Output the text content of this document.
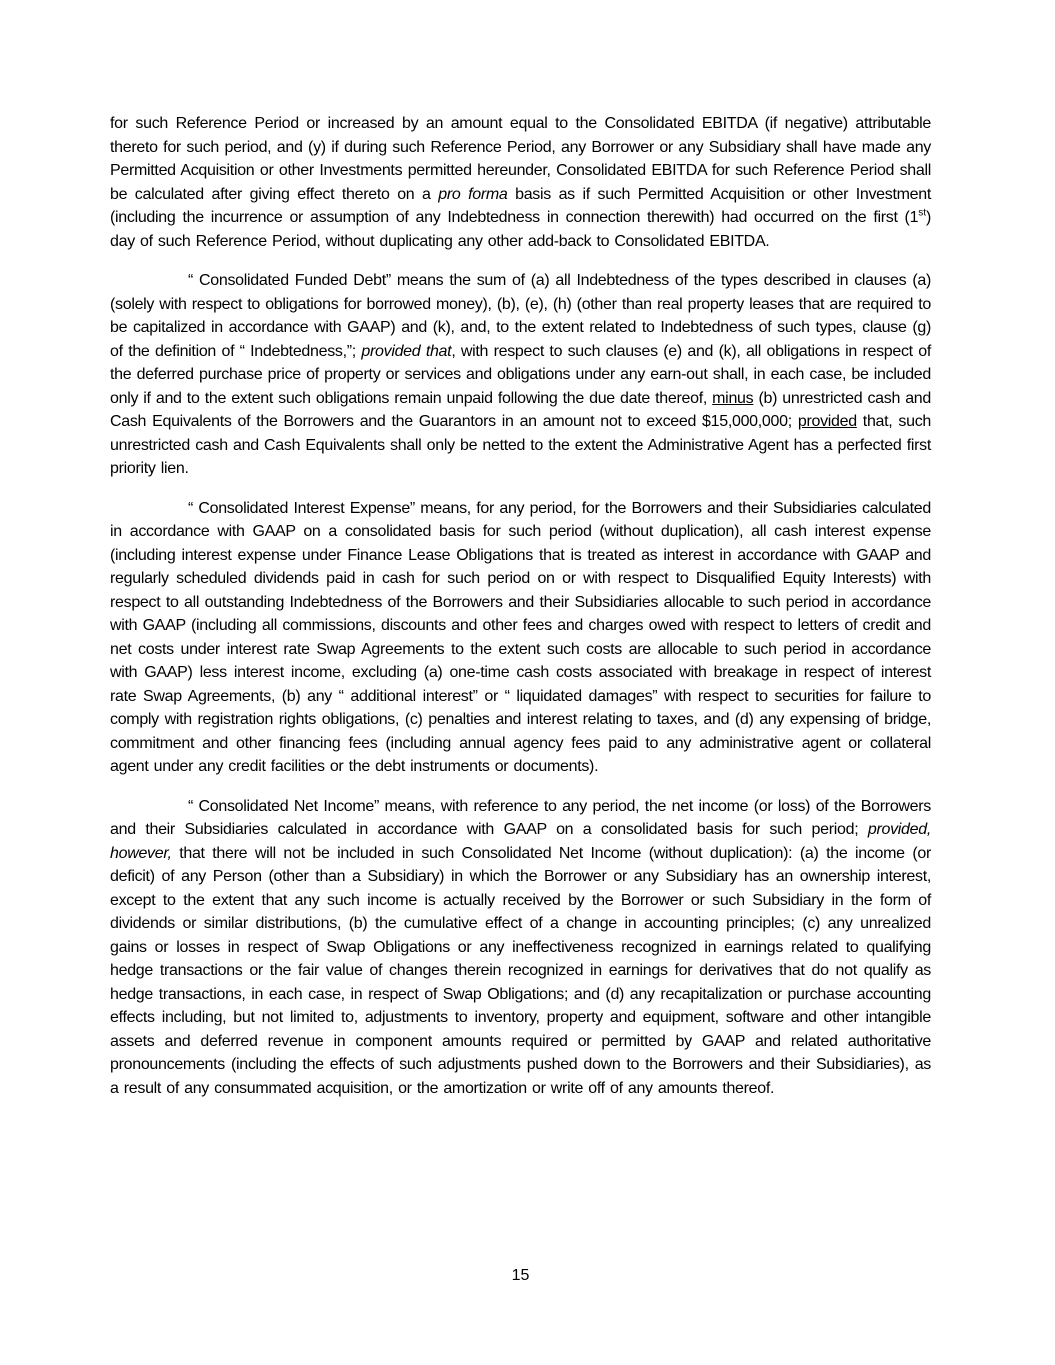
for such Reference Period or increased by an amount equal to the Consolidated EBITDA (if negative) attributable thereto for such period, and (y) if during such Reference Period, any Borrower or any Subsidiary shall have made any Permitted Acquisition or other Investments permitted hereunder, Consolidated EBITDA for such Reference Period shall be calculated after giving effect thereto on a pro forma basis as if such Permitted Acquisition or other Investment (including the incurrence or assumption of any Indebtedness in connection therewith) had occurred on the first (1st) day of such Reference Period, without duplicating any other add-back to Consolidated EBITDA.

“ Consolidated Funded Debt” means the sum of (a) all Indebtedness of the types described in clauses (a) (solely with respect to obligations for borrowed money), (b), (e), (h) (other than real property leases that are required to be capitalized in accordance with GAAP) and (k), and, to the extent related to Indebtedness of such types, clause (g) of the definition of “ Indebtedness,”; provided that, with respect to such clauses (e) and (k), all obligations in respect of the deferred purchase price of property or services and obligations under any earn-out shall, in each case, be included only if and to the extent such obligations remain unpaid following the due date thereof, minus (b) unrestricted cash and Cash Equivalents of the Borrowers and the Guarantors in an amount not to exceed $15,000,000; provided that, such unrestricted cash and Cash Equivalents shall only be netted to the extent the Administrative Agent has a perfected first priority lien.

“ Consolidated Interest Expense” means, for any period, for the Borrowers and their Subsidiaries calculated in accordance with GAAP on a consolidated basis for such period (without duplication), all cash interest expense (including interest expense under Finance Lease Obligations that is treated as interest in accordance with GAAP and regularly scheduled dividends paid in cash for such period on or with respect to Disqualified Equity Interests) with respect to all outstanding Indebtedness of the Borrowers and their Subsidiaries allocable to such period in accordance with GAAP (including all commissions, discounts and other fees and charges owed with respect to letters of credit and net costs under interest rate Swap Agreements to the extent such costs are allocable to such period in accordance with GAAP) less interest income, excluding (a) one-time cash costs associated with breakage in respect of interest rate Swap Agreements, (b) any “ additional interest” or “ liquidated damages” with respect to securities for failure to comply with registration rights obligations, (c) penalties and interest relating to taxes, and (d) any expensing of bridge, commitment and other financing fees (including annual agency fees paid to any administrative agent or collateral agent under any credit facilities or the debt instruments or documents).

“ Consolidated Net Income” means, with reference to any period, the net income (or loss) of the Borrowers and their Subsidiaries calculated in accordance with GAAP on a consolidated basis for such period; provided, however, that there will not be included in such Consolidated Net Income (without duplication): (a) the income (or deficit) of any Person (other than a Subsidiary) in which the Borrower or any Subsidiary has an ownership interest, except to the extent that any such income is actually received by the Borrower or such Subsidiary in the form of dividends or similar distributions, (b) the cumulative effect of a change in accounting principles; (c) any unrealized gains or losses in respect of Swap Obligations or any ineffectiveness recognized in earnings related to qualifying hedge transactions or the fair value of changes therein recognized in earnings for derivatives that do not qualify as hedge transactions, in each case, in respect of Swap Obligations; and (d) any recapitalization or purchase accounting effects including, but not limited to, adjustments to inventory, property and equipment, software and other intangible assets and deferred revenue in component amounts required or permitted by GAAP and related authoritative pronouncements (including the effects of such adjustments pushed down to the Borrowers and their Subsidiaries), as a result of any consummated acquisition, or the amortization or write off of any amounts thereof.

15
